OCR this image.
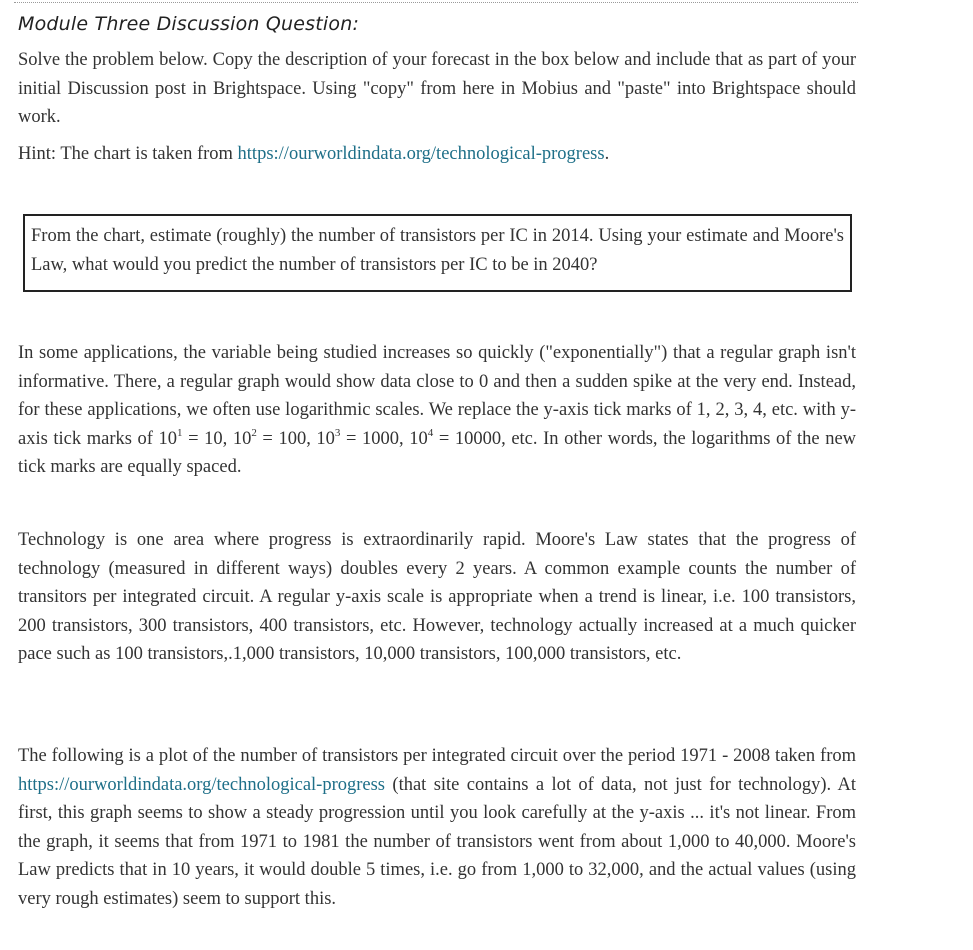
Module Three Discussion Question:

Solve the problem below. Copy the description of your forecast in the box below and include that as part of your initial Discussion post in Brightspace. Using "copy" from here in Mobius and "paste" into Brightspace should work.

Hint: The chart is taken from https://ourworldindata.org/technological-progress.

From the chart, estimate (roughly) the number of transistors per IC in 2014. Using your estimate and Moore's Law, what would you predict the number of transistors per IC to be in 2040?

In some applications, the variable being studied increases so quickly ("exponentially") that a regular graph isn't informative. There, a regular graph would show data close to 0 and then a sudden spike at the very end. Instead, for these applications, we often use logarithmic scales. We replace the y-axis tick marks of 1, 2, 3, 4, etc. with y-axis tick marks of $10^1 = 10$, $10^2 = 100$, $10^3 = 1000$, $10^4 = 10000$, etc. In other words, the logarithms of the new tick marks are equally spaced.

Technology is one area where progress is extraordinarily rapid. Moore's Law states that the progress of technology (measured in different ways) doubles every 2 years. A common example counts the number of transitors per integrated circuit. A regular y-axis scale is appropriate when a trend is linear, i.e. 100 transistors, 200 transistors, 300 transistors, 400 transistors, etc. However, technology actually increased at a much quicker pace such as 100 transistors,.1,000 transistors, 10,000 transistors, 100,000 transistors, etc.

The following is a plot of the number of transistors per integrated circuit over the period 1971 - 2008 taken from https://ourworldindata.org/technological-progress (that site contains a lot of data, not just for technology). At first, this graph seems to show a steady progression until you look carefully at the y-axis ... it's not linear. From the graph, it seems that from 1971 to 1981 the number of transistors went from about 1,000 to 40,000. Moore's Law predicts that in 10 years, it would double 5 times, i.e. go from 1,000 to 32,000, and the actual values (using very rough estimates) seem to support this.
